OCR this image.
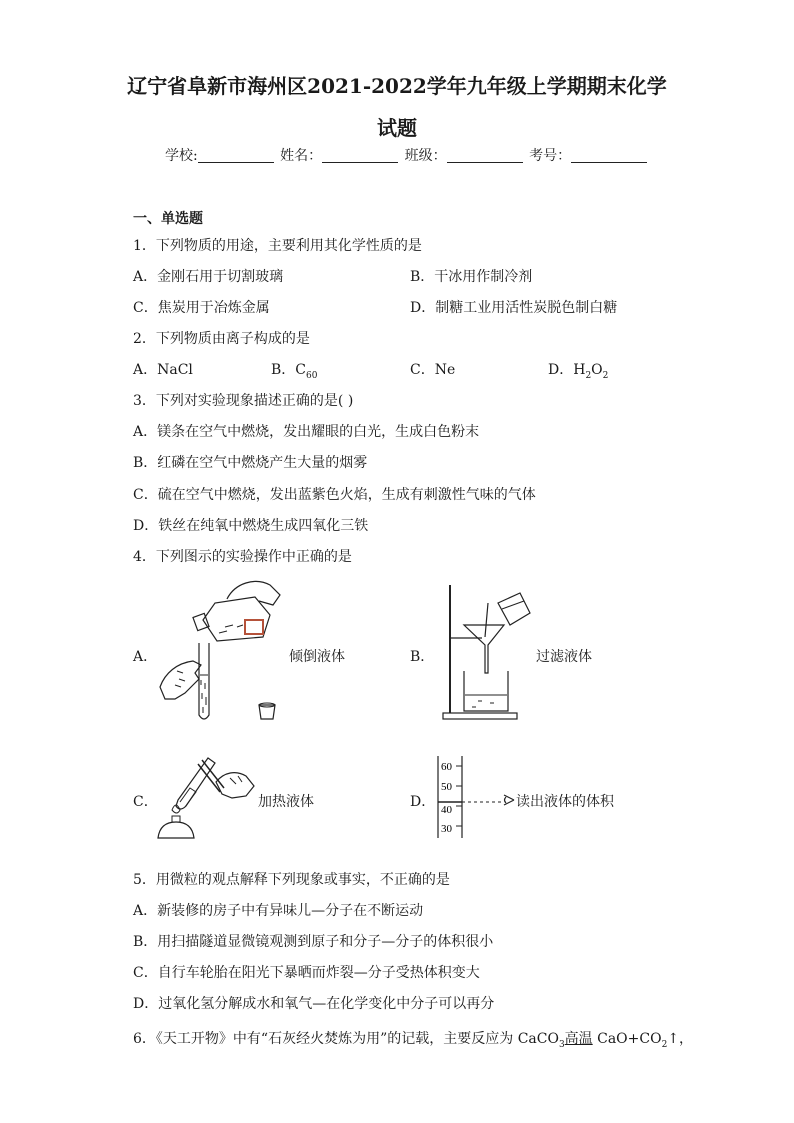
辽宁省阜新市海州区2021-2022学年九年级上学期期末化学
试题
学校:	姓名：	班级：	考号：
一、单选题
1．下列物质的用途，主要利用其化学性质的是
A．金刚石用于切割玻璃	B．干冰用作制冷剂
C．焦炭用于冶炼金属	D．制糖工业用活性炭脱色制白糖
2．下列物质由离子构成的是
A．NaCl	B．$C_{60}$	C．Ne	D．$H_2O_2$
3．下列对实验现象描述正确的是( )
A．镁条在空气中燃烧，发出耀眼的白光，生成白色粉末
B．红磷在空气中燃烧产生大量的烟雾
C．硫在空气中燃烧，发出蓝紫色火焰，生成有刺激性气味的气体
D．铁丝在纯氧中燃烧生成四氧化三铁
4．下列图示的实验操作中正确的是
A．	倾倒液体	B．	过滤液体
C．	加热液体	D．
60
50
40
30
读出液体的体积
5．用微粒的观点解释下列现象或事实，不正确的是
A．新装修的房子中有异味儿—分子在不断运动
B．用扫描隧道显微镜观测到原子和分子—分子的体积很小
C．自行车轮胎在阳光下暴晒而炸裂—分子受热体积变大
D．过氧化氢分解成水和氧气—在化学变化中分子可以再分
6．《天工开物》中有“石灰经火焚炼为用”的记载，主要反应为 CaCO$_3$高温 $CaO+CO_2↑$，
